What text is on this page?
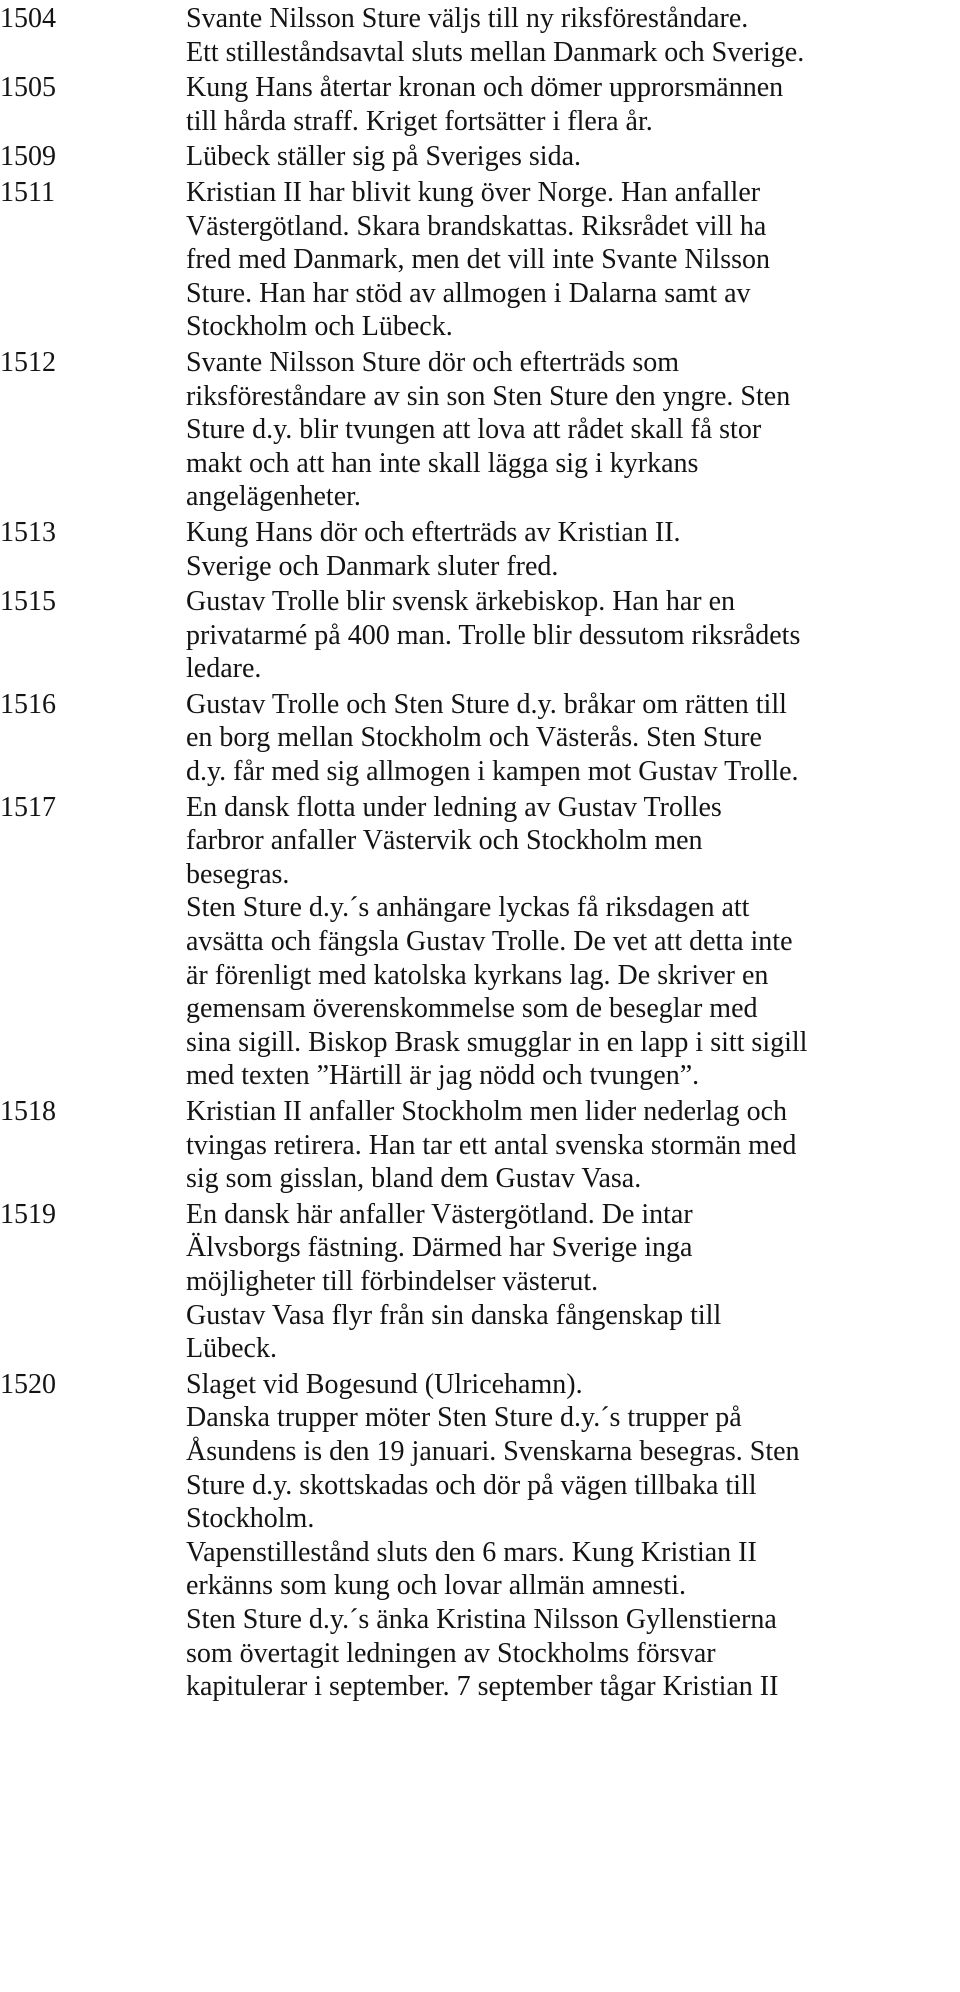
1504	Svante Nilsson Sture väljs till ny riksföreståndare.
Ett stilleståndsavtal sluts mellan Danmark och Sverige.
1505	Kung Hans återtar kronan och dömer upprorsmännen
till hårda straff. Kriget fortsätter i flera år.
1509	Lübeck ställer sig på Sveriges sida.
1511	Kristian II har blivit kung över Norge. Han anfaller
Västergötland. Skara brandskattas. Riksrådet vill ha
fred med Danmark, men det vill inte Svante Nilsson
Sture. Han har stöd av allmogen i Dalarna samt av
Stockholm och Lübeck.
1512	Svante Nilsson Sture dör och efterträds som
riksföreståndare av sin son Sten Sture den yngre. Sten
Sture d.y. blir tvungen att lova att rådet skall få stor
makt och att han inte skall lägga sig i kyrkans
angelägenheter.
1513	Kung Hans dör och efterträds av Kristian II.
Sverige och Danmark sluter fred.
1515	Gustav Trolle blir svensk ärkebiskop. Han har en
privatarmé på 400 man. Trolle blir dessutom riksrådets
ledare.
1516	Gustav Trolle och Sten Sture d.y. bråkar om rätten till
en borg mellan Stockholm och Västerås. Sten Sture
d.y. får med sig allmogen i kampen mot Gustav Trolle.
1517	En dansk flotta under ledning av Gustav Trolles
farbror anfaller Västervik och Stockholm men
besegras.
Sten Sture d.y.´s anhängare lyckas få riksdagen att
avsätta och fängsla Gustav Trolle. De vet att detta inte
är förenligt med katolska kyrkans lag. De skriver en
gemensam överenskommelse som de beseglar med
sina sigill. Biskop Brask smugglar in en lapp i sitt sigill
med texten ”Härtill är jag nödd och tvungen”.
1518	Kristian II anfaller Stockholm men lider nederlag och
tvingas retirera. Han tar ett antal svenska stormän med
sig som gisslan, bland dem Gustav Vasa.
1519	En dansk här anfaller Västergötland. De intar
Älvsborgs fästning. Därmed har Sverige inga
möjligheter till förbindelser västerut.
Gustav Vasa flyr från sin danska fångenskap till
Lübeck.
1520	Slaget vid Bogesund (Ulricehamn).
Danska trupper möter Sten Sture d.y.´s trupper på
Åsundens is den 19 januari. Svenskarna besegras. Sten
Sture d.y. skottskadas och dör på vägen tillbaka till
Stockholm.
Vapenstillestånd sluts den 6 mars. Kung Kristian II
erkänns som kung och lovar allmän amnesti.
Sten Sture d.y.´s änka Kristina Nilsson Gyllenstierna
som övertagit ledningen av Stockholms försvar
kapitulerar i september. 7 september tågar Kristian II
